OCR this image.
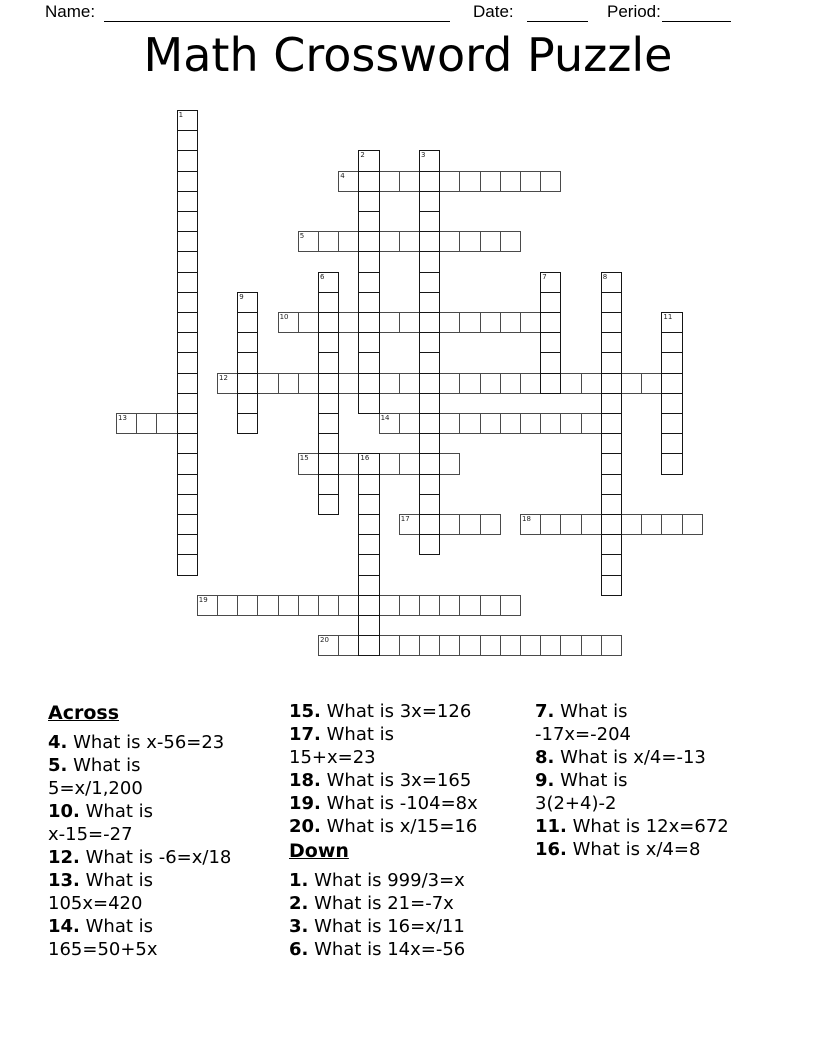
Name:	Date:	Period:
Math Crossword Puzzle
1
2	3
4
5
6	7	8
9
10	11
12
13	14
15	16
17	18
19
20
Across
4. What is x-56=23
5. What is
5=x/1,200
10. What is
x-15=-27
12. What is -6=x/18
13. What is
105x=420
14. What is
165=50+5x
15. What is 3x=126
17. What is
15+x=23
18. What is 3x=165
19. What is -104=8x
20. What is x/15=16
Down
1. What is 999/3=x
2. What is 21=-7x
3. What is 16=x/11
6. What is 14x=-56
7. What is
-17x=-204
8. What is x/4=-13
9. What is
3(2+4)-2
11. What is 12x=672
16. What is x/4=8
